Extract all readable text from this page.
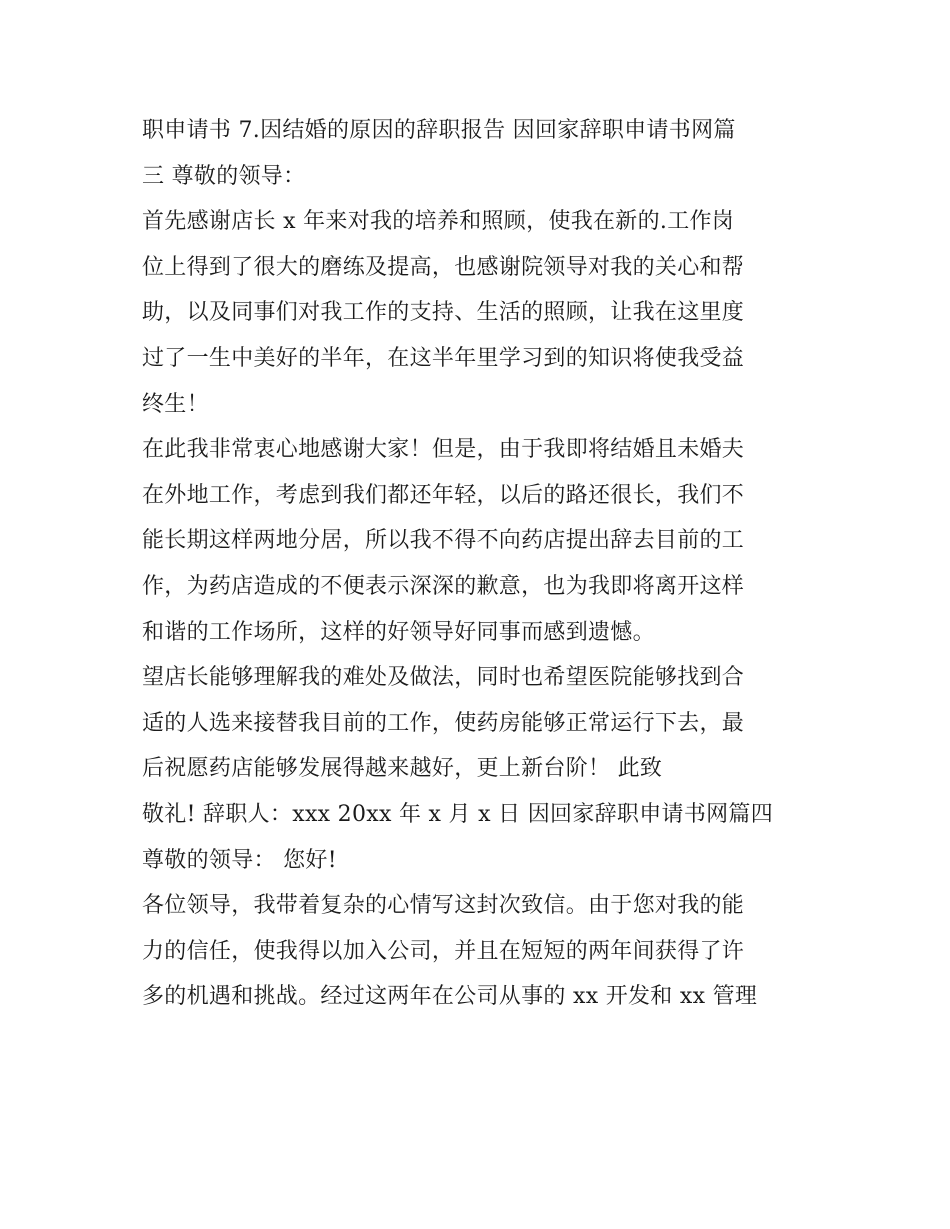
职申请书 7.因结婚的原因的辞职报告 因回家辞职申请书网篇
三 尊敬的领导：
首先感谢店长 x 年来对我的培养和照顾，使我在新的.工作岗
位上得到了很大的磨练及提高，也感谢院领导对我的关心和帮
助，以及同事们对我工作的支持、生活的照顾，让我在这里度
过了一生中美好的半年，在这半年里学习到的知识将使我受益
终生！
在此我非常衷心地感谢大家！但是，由于我即将结婚且未婚夫
在外地工作，考虑到我们都还年轻，以后的路还很长，我们不
能长期这样两地分居，所以我不得不向药店提出辞去目前的工
作，为药店造成的不便表示深深的歉意，也为我即将离开这样
和谐的工作场所，这样的好领导好同事而感到遗憾。
望店长能够理解我的难处及做法，同时也希望医院能够找到合
适的人选来接替我目前的工作，使药房能够正常运行下去，最
后祝愿药店能够发展得越来越好，更上新台阶！ 此致
敬礼! 辞职人：xxx 20xx 年 x 月 x 日 因回家辞职申请书网篇四
尊敬的领导： 您好!
各位领导，我带着复杂的心情写这封次致信。由于您对我的能
力的信任，使我得以加入公司，并且在短短的两年间获得了许
多的机遇和挑战。经过这两年在公司从事的 xx 开发和 xx 管理
